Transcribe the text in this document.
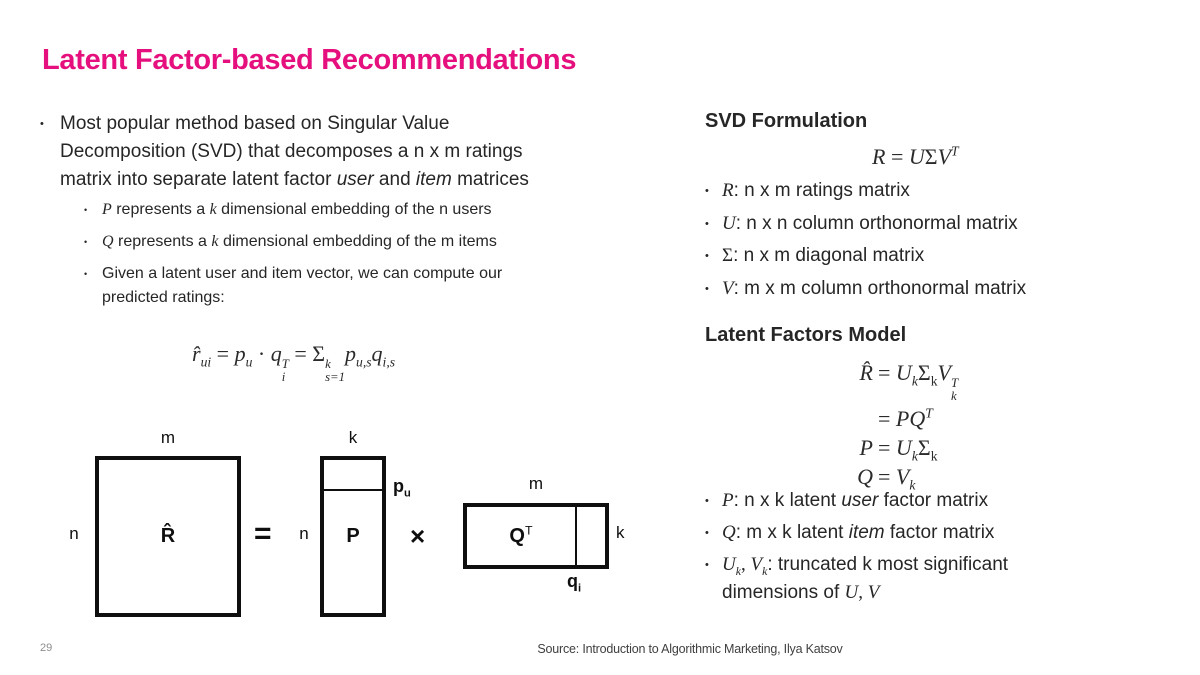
Latent Factor-based Recommendations
•
Most popular method based on Singular Value
Decomposition (SVD) that decomposes a n x m ratings
matrix into separate latent factor user and item matrices
•
P represents a k dimensional embedding of the n users
•
Q represents a k dimensional embedding of the m items
•
Given a latent user and item vector, we can compute our
predicted ratings:
$r̂_{ui} = p_u \cdot q$ T
i
= Σ k
s=1
$p_{u,s}q_{i,s}$
m
n	R̂	=
k
n	P
$p_u$
×
m
$Q^T$	k
$q_i$
SVD Formulation
$R = U\Sigma V^T$
•
R: n x m ratings matrix
•
U: n x n column orthonormal matrix
•
Σ: n x m diagonal matrix
•
V: m x m column orthonormal matrix
Latent Factors Model
R̂ = $U_k\Sigma_kV$ T
k
= $PQ^T$
$P = U_k\Sigma_k$
$Q = V_k$
•
P: n x k latent user factor matrix
•
Q: m x k latent item factor matrix
•
$U_k$, $V_k$: truncated k most significant
dimensions of U, V
29	Source: Introduction to Algorithmic Marketing, Ilya Katsov
